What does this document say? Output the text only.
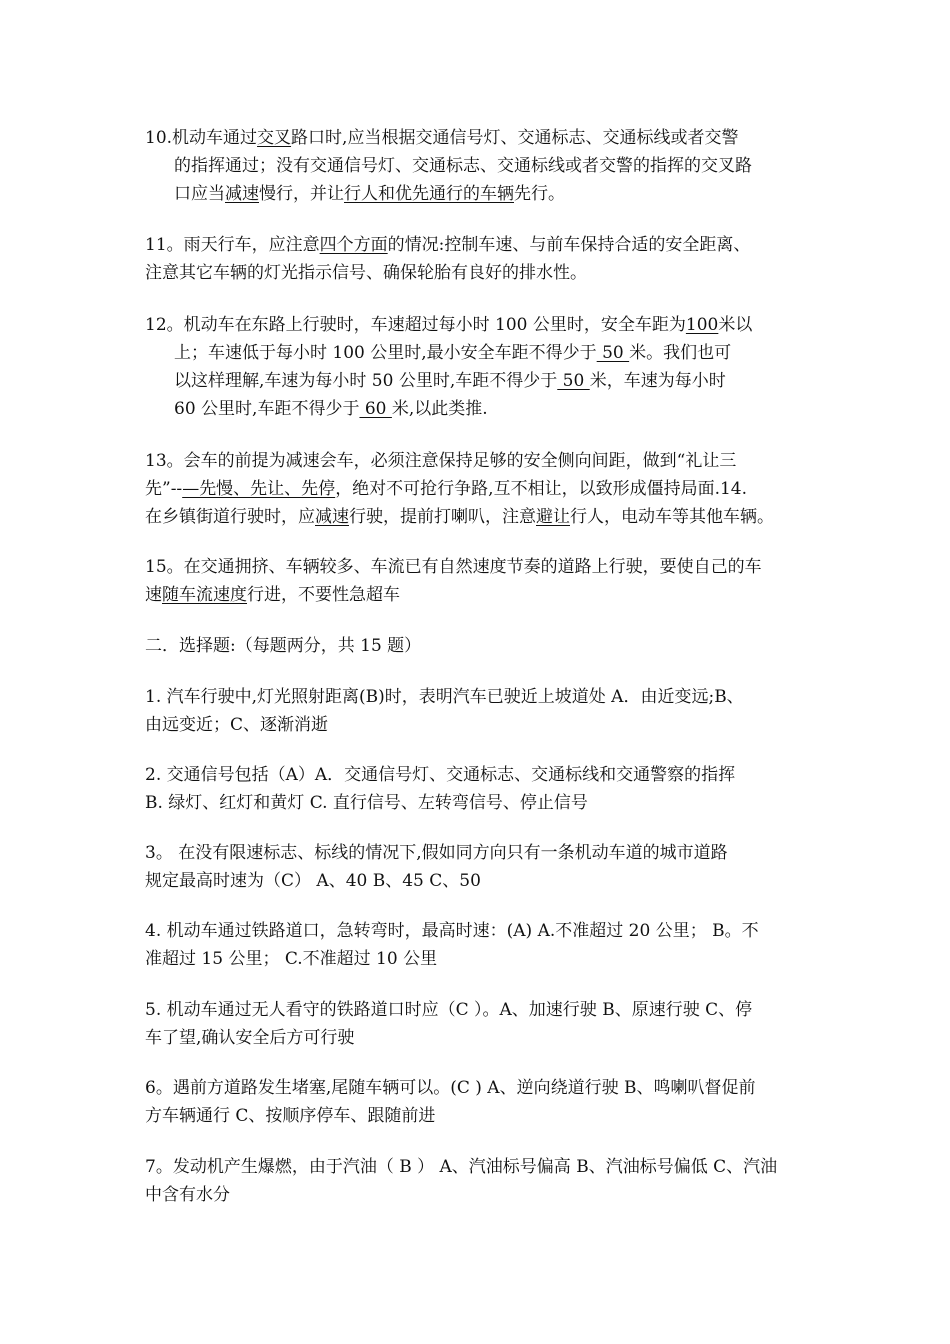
10.机动车通过交叉路口时,应当根据交通信号灯、交通标志、交通标线或者交警
的指挥通过；没有交通信号灯、交通标志、交通标线或者交警的指挥的交叉路
口应当减速慢行，并让行人和优先通行的车辆先行。
11。雨天行车，应注意四个方面的情况:控制车速、与前车保持合适的安全距离、
注意其它车辆的灯光指示信号、确保轮胎有良好的排水性。
12。机动车在东路上行驶时，车速超过每小时 100 公里时，安全车距为100米以
上；车速低于每小时 100 公里时,最小安全车距不得少于 50 米。我们也可
以这样理解,车速为每小时 50 公里时,车距不得少于 50 米，车速为每小时
60 公里时,车距不得少于 60 米,以此类推.
13。会车的前提为减速会车，必须注意保持足够的安全侧向间距，做到“礼让三
先”--—先慢、先让、先停，绝对不可抢行争路,互不相让，以致形成僵持局面.14.
在乡镇街道行驶时，应减速行驶，提前打喇叭，注意避让行人，电动车等其他车辆。
15。在交通拥挤、车辆较多、车流已有自然速度节奏的道路上行驶，要使自己的车
速随车流速度行进，不要性急超车
二．选择题:（每题两分，共 15 题）
1. 汽车行驶中,灯光照射距离(B)时，表明汽车已驶近上坡道处 A．由近变远;B、
由远变近；C、逐渐消逝
2. 交通信号包括（A）A．交通信号灯、交通标志、交通标线和交通警察的指挥
B. 绿灯、红灯和黄灯 C. 直行信号、左转弯信号、停止信号
3。 在没有限速标志、标线的情况下,假如同方向只有一条机动车道的城市道路
规定最高时速为（C） A、40 B、45 C、50
4. 机动车通过铁路道口，急转弯时，最高时速：(A) A.不准超过 20 公里； B。不
准超过 15 公里； C.不准超过 10 公里
5. 机动车通过无人看守的铁路道口时应（C ）。A、加速行驶 B、原速行驶 C、停
车了望,确认安全后方可行驶
6。遇前方道路发生堵塞,尾随车辆可以。(C ) A、逆向绕道行驶 B、鸣喇叭督促前
方车辆通行 C、按顺序停车、跟随前进
7。发动机产生爆燃，由于汽油（ B ） A、汽油标号偏高 B、汽油标号偏低 C、汽油
中含有水分
